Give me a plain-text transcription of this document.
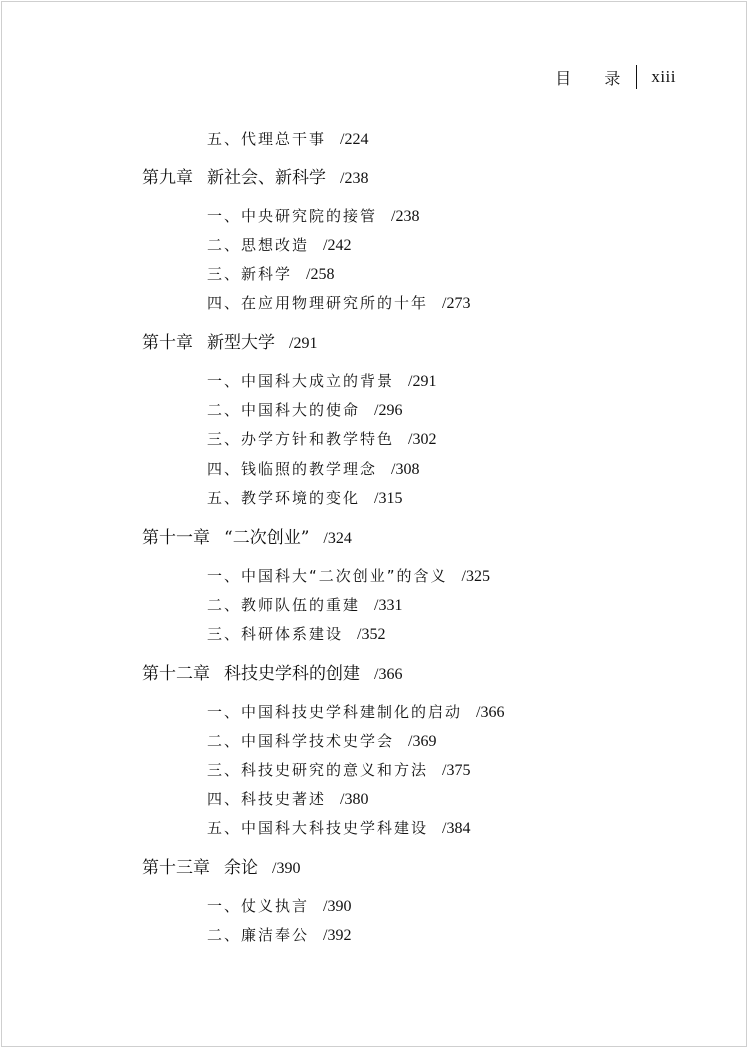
目 录 xiii
五、代理总干事 /224
第九章 新社会、新科学 /238
一、中央研究院的接管 /238
二、思想改造 /242
三、新科学 /258
四、在应用物理研究所的十年 /273
第十章 新型大学 /291
一、中国科大成立的背景 /291
二、中国科大的使命 /296
三、办学方针和教学特色 /302
四、钱临照的教学理念 /308
五、教学环境的变化 /315
第十一章 “二次创业” /324
一、中国科大“二次创业”的含义 /325
二、教师队伍的重建 /331
三、科研体系建设 /352
第十二章 科技史学科的创建 /366
一、中国科技史学科建制化的启动 /366
二、中国科学技术史学会 /369
三、科技史研究的意义和方法 /375
四、科技史著述 /380
五、中国科大科技史学科建设 /384
第十三章 余论 /390
一、仗义执言 /390
二、廉洁奉公 /392
